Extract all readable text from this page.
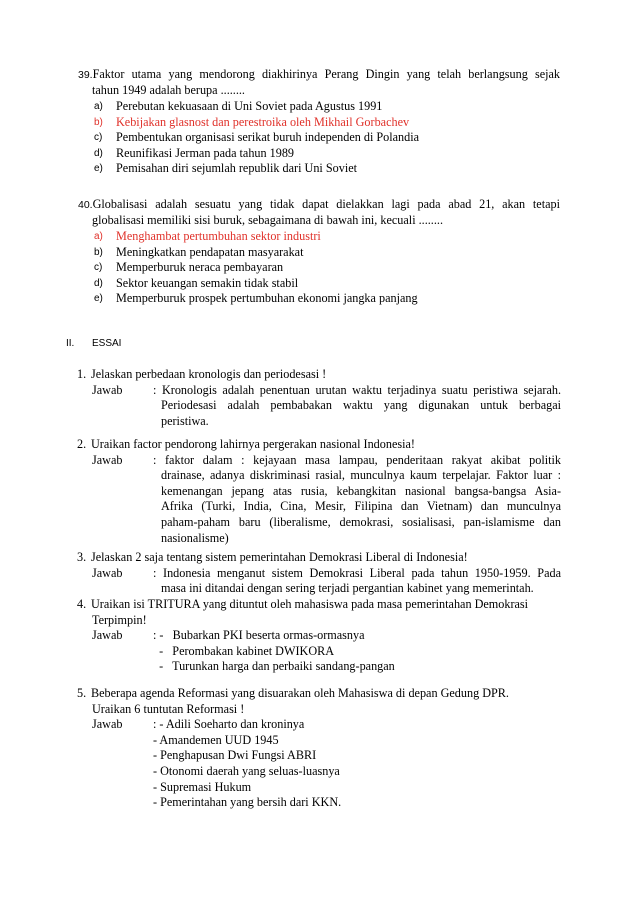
39.Faktor utama yang mendorong diakhirinya Perang Dingin yang telah berlangsung sejak
tahun 1949 adalah berupa ........
a)	Perebutan kekuasaan di Uni Soviet pada Agustus 1991
b)	Kebijakan glasnost dan perestroika oleh Mikhail Gorbachev
c)	Pembentukan organisasi serikat buruh independen di Polandia
d)	Reunifikasi Jerman pada tahun 1989
e)	Pemisahan diri sejumlah republik dari Uni Soviet
40.Globalisasi adalah sesuatu yang tidak dapat dielakkan lagi pada abad 21, akan tetapi
globalisasi memiliki sisi buruk, sebagaimana di bawah ini, kecuali ........
a)	Menghambat pertumbuhan sektor industri
b)	Meningkatkan pendapatan masyarakat
c)	Memperburuk neraca pembayaran
d)	Sektor keuangan semakin tidak stabil
e)	Memperburuk prospek pertumbuhan ekonomi jangka panjang
II. ESSAI
1. Jelaskan perbedaan kronologis dan periodesasi !
Jawab	: Kronologis adalah penentuan urutan waktu terjadinya suatu peristiwa sejarah.
Periodesasi adalah pembabakan waktu yang digunakan untuk berbagai
peristiwa.
2. Uraikan factor pendorong lahirnya pergerakan nasional Indonesia!
Jawab	: faktor dalam : kejayaan masa lampau, penderitaan rakyat akibat politik
drainase, adanya diskriminasi rasial, munculnya kaum terpelajar. Faktor luar :
kemenangan jepang atas rusia, kebangkitan nasional bangsa-bangsa Asia-
Afrika (Turki, India, Cina, Mesir, Filipina dan Vietnam) dan munculnya
paham-paham baru (liberalisme, demokrasi, sosialisasi, pan-islamisme dan
nasionalisme)
3. Jelaskan 2 saja tentang sistem pemerintahan Demokrasi Liberal di Indonesia!
Jawab	: Indonesia menganut sistem Demokrasi Liberal pada tahun 1950-1959. Pada
masa ini ditandai dengan sering terjadi pergantian kabinet yang memerintah.
4. Uraikan isi TRITURA yang dituntut oleh mahasiswa pada masa pemerintahan Demokrasi
Terpimpin!
Jawab	: -   Bubarkan PKI beserta ormas-ormasnya
-   Perombakan kabinet DWIKORA
-   Turunkan harga dan perbaiki sandang-pangan
5. Beberapa agenda Reformasi yang disuarakan oleh Mahasiswa di depan Gedung DPR.
Uraikan 6 tuntutan Reformasi !
Jawab	: - Adili Soeharto dan kroninya
- Amandemen UUD 1945
- Penghapusan Dwi Fungsi ABRI
- Otonomi daerah yang seluas-luasnya
- Supremasi Hukum
- Pemerintahan yang bersih dari KKN.
